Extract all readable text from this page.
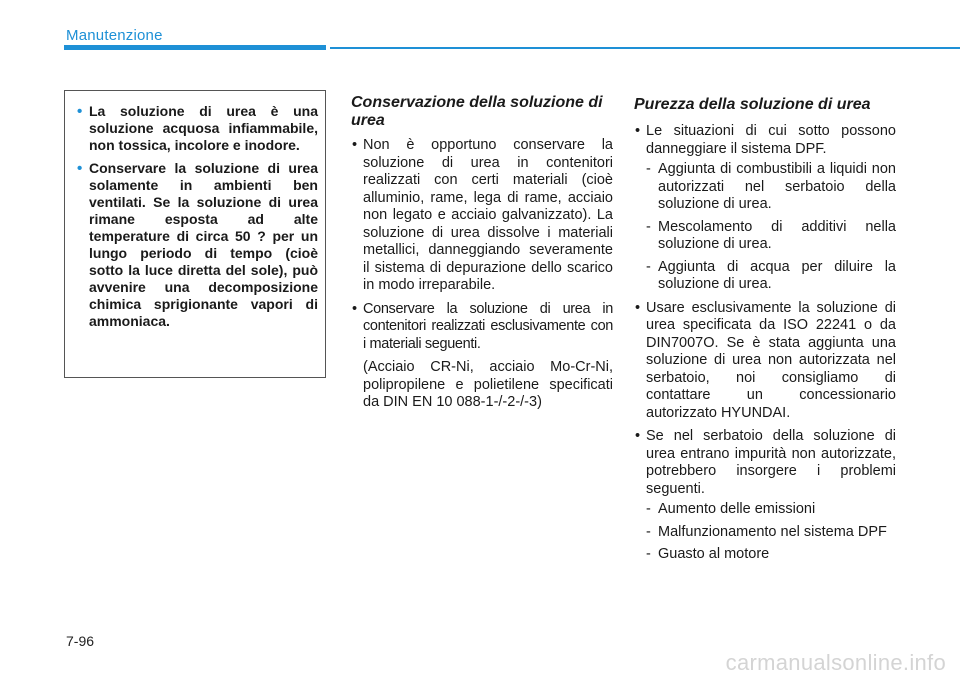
Manutenzione
• La soluzione di urea è una soluzione acquosa infiammabile, non tossica, incolore e inodore.
• Conservare la soluzione di urea solamente in ambienti ben ventilati. Se la soluzione di urea rimane esposta ad alte temperature di circa 50 ? per un lungo periodo di tempo (cioè sotto la luce diretta del sole), può avvenire una decomposizione chimica sprigionante vapori di ammoniaca.
Conservazione della soluzione di urea
• Non è opportuno conservare la soluzione di urea in contenitori realizzati con certi materiali (cioè alluminio, rame, lega di rame, acciaio non legato e acciaio galvanizzato). La soluzione di urea dissolve i materiali metallici, danneggiando severamente il sistema di depurazione dello scarico in modo irreparabile.
• Conservare la soluzione di urea in contenitori realizzati esclusivamente con i materiali seguenti.
(Acciaio CR-Ni, acciaio Mo-Cr-Ni, polipropilene e polietilene specificati da DIN EN 10 088-1-/-2-/-3)
Purezza della soluzione di urea
• Le situazioni di cui sotto possono danneggiare il sistema DPF.
- Aggiunta di combustibili a liquidi non autorizzati nel serbatoio della soluzione di urea.
- Mescolamento di additivi nella soluzione di urea.
- Aggiunta di acqua per diluire la soluzione di urea.
• Usare esclusivamente la soluzione di urea specificata da ISO 22241 o da DIN7007O. Se è stata aggiunta una soluzione di urea non autorizzata nel serbatoio, noi consigliamo di contattare un concessionario autorizzato HYUNDAI.
• Se nel serbatoio della soluzione di urea entrano impurità non autorizzate, potrebbero insorgere i problemi seguenti.
- Aumento delle emissioni
- Malfunzionamento nel sistema DPF
- Guasto al motore
7-96
carmanualsonline.info
